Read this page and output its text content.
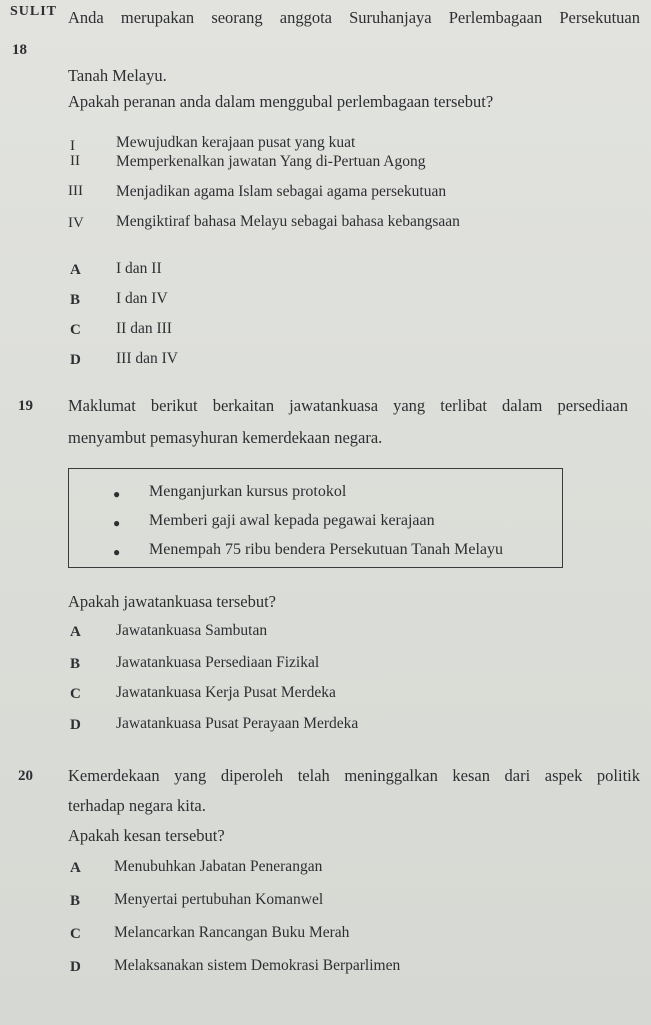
SULIT
18
Anda merupakan seorang anggota Suruhanjaya Perlembagaan Persekutuan
Tanah Melayu.
Apakah peranan anda dalam menggubal perlembagaan tersebut?
I	Mewujudkan kerajaan pusat yang kuat
II Memperkenalkan jawatan Yang di-Pertuan Agong
III Menjadikan agama Islam sebagai agama persekutuan
IV Mengiktiraf bahasa Melayu sebagai bahasa kebangsaan
A I dan II
B I dan IV
C II dan III
D III dan IV
19 Maklumat berikut berkaitan jawatankuasa yang terlibat dalam persediaan
menyambut pemasyhuran kemerdekaan negara.
● Menganjurkan kursus protokol
● Memberi gaji awal kepada pegawai kerajaan
● Menempah 75 ribu bendera Persekutuan Tanah Melayu
Apakah jawatankuasa tersebut?
A Jawatankuasa Sambutan
B Jawatankuasa Persediaan Fizikal
C Jawatankuasa Kerja Pusat Merdeka
D Jawatankuasa Pusat Perayaan Merdeka
20 Kemerdekaan yang diperoleh telah meninggalkan kesan dari aspek politik
terhadap negara kita.
Apakah kesan tersebut?
A Menubuhkan Jabatan Penerangan
B Menyertai pertubuhan Komanwel
C Melancarkan Rancangan Buku Merah
D Melaksanakan sistem Demokrasi Berparlimen
